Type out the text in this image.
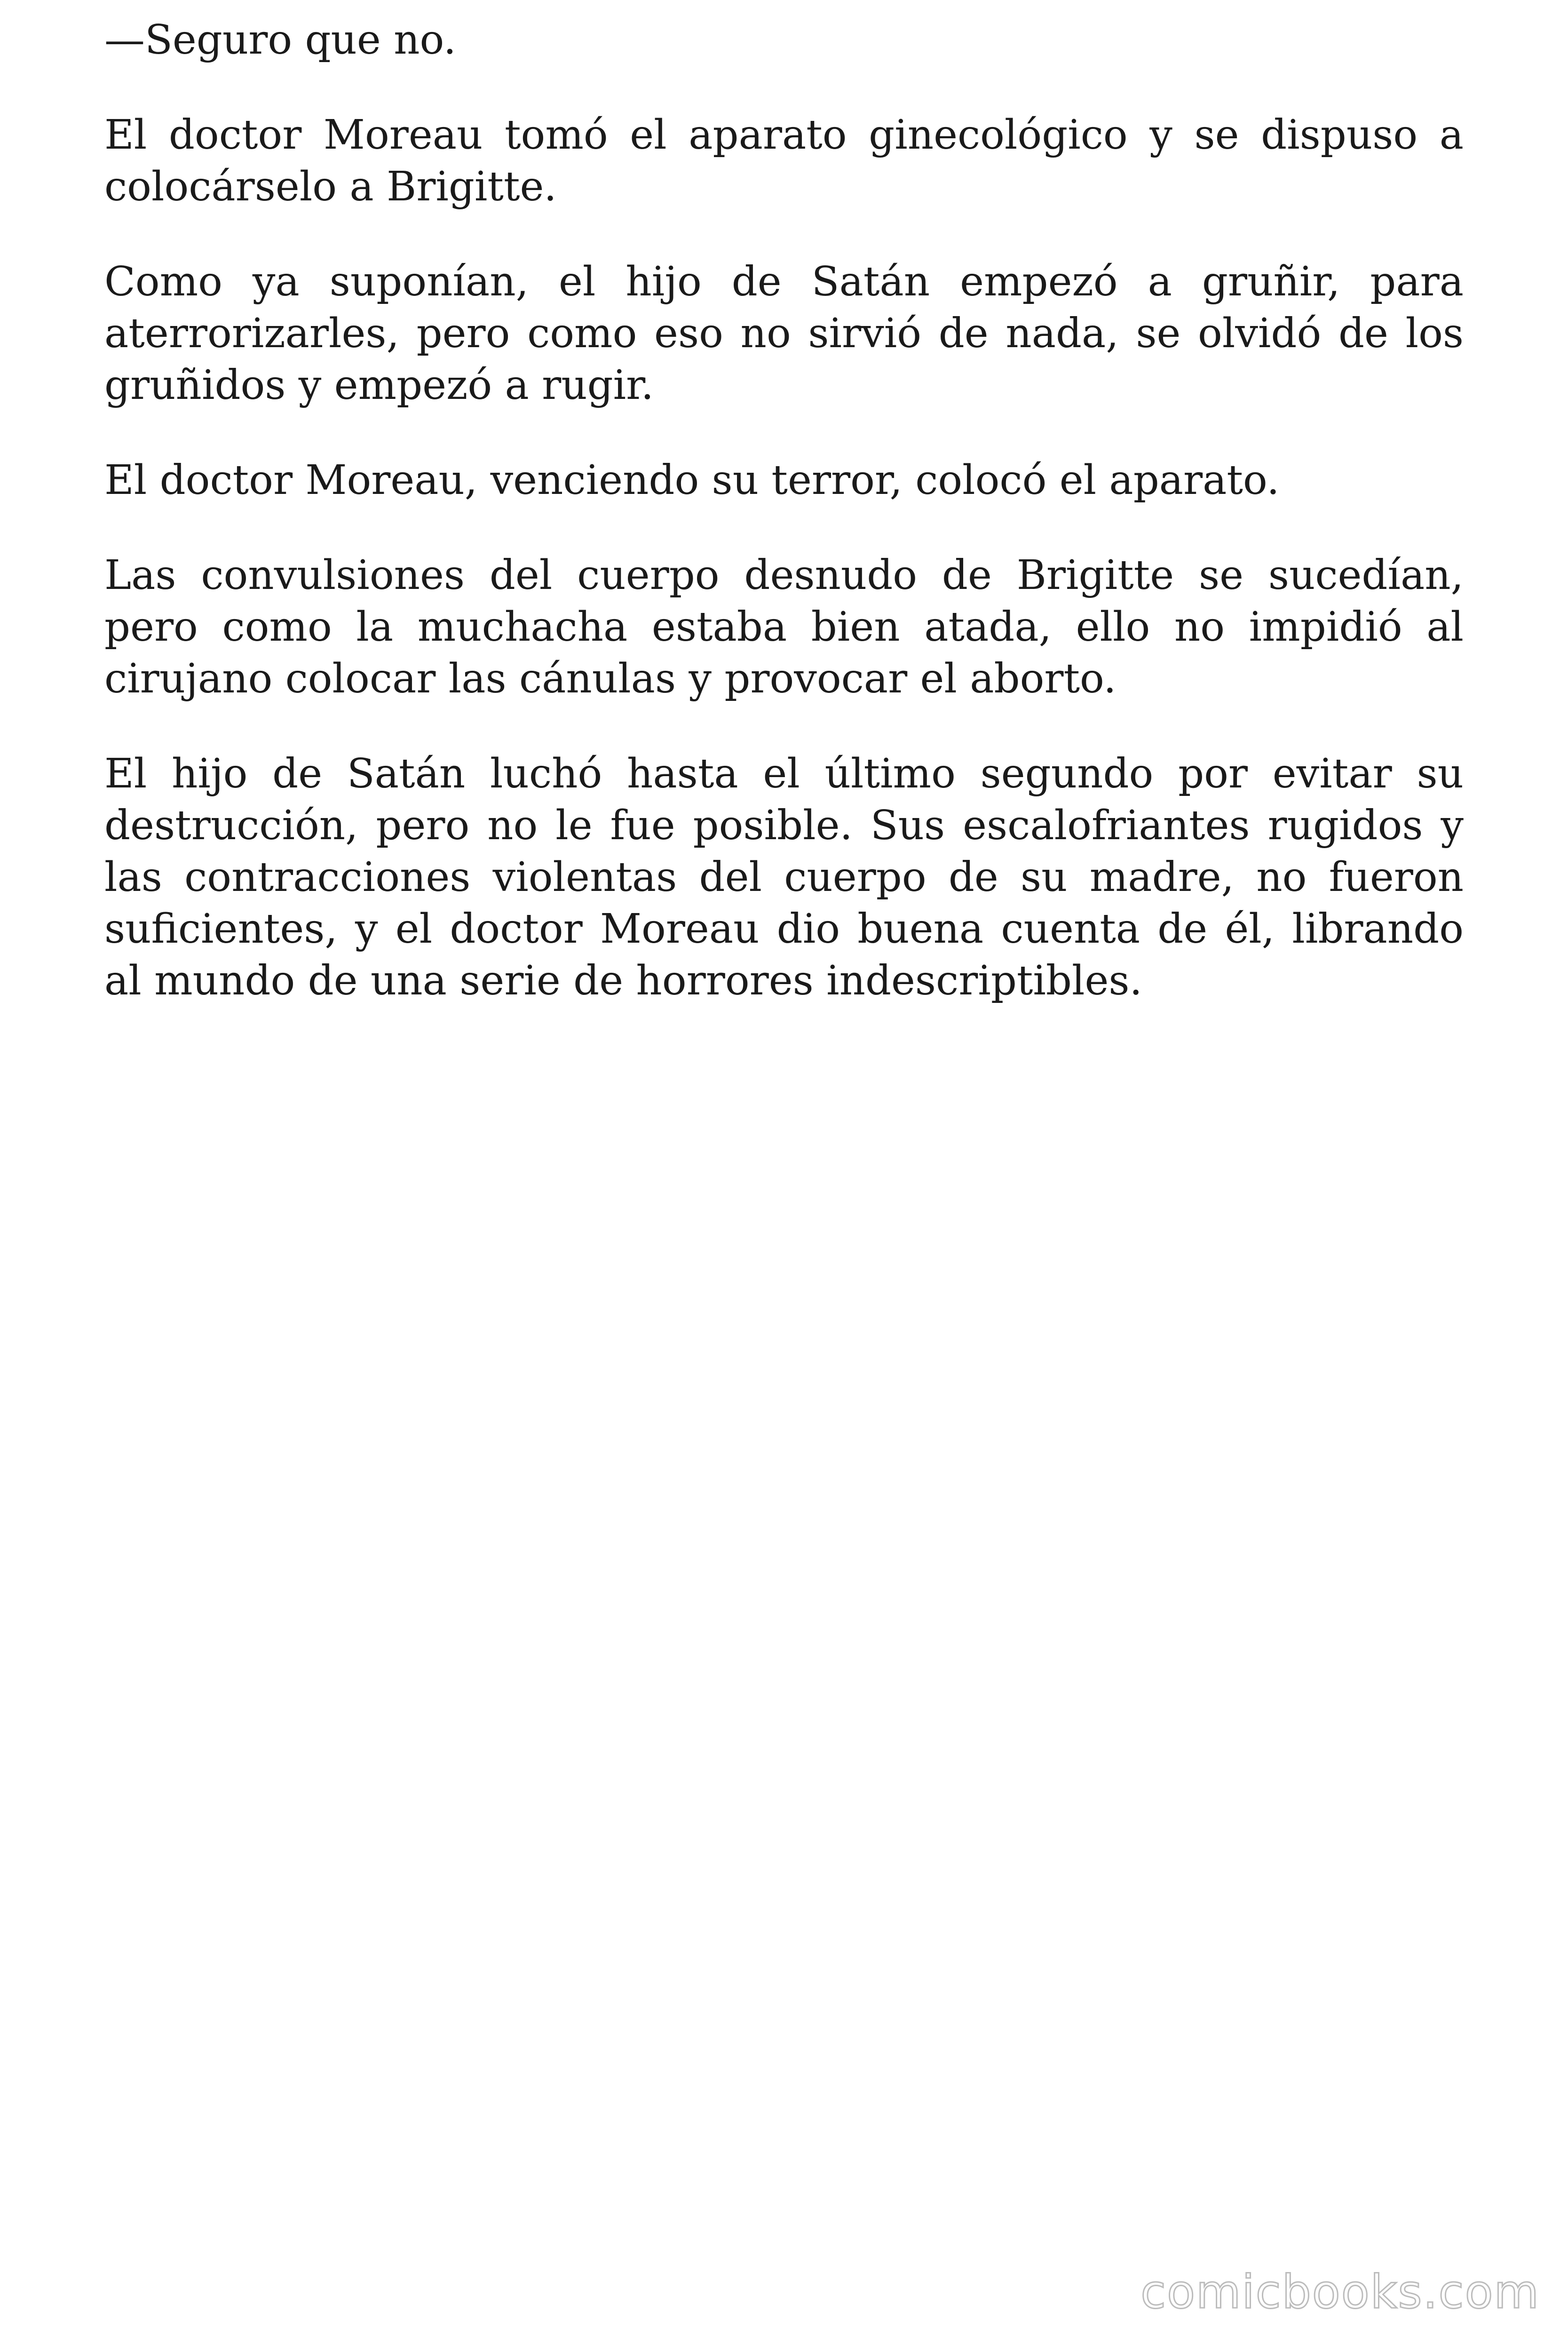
—Seguro que no.

El doctor Moreau tomó el aparato ginecológico y se dispuso a colocárselo a Brigitte.

Como ya suponían, el hijo de Satán empezó a gruñir, para aterrorizarles, pero como eso no sirvió de nada, se olvidó de los gruñidos y empezó a rugir.

El doctor Moreau, venciendo su terror, colocó el aparato.

Las convulsiones del cuerpo desnudo de Brigitte se sucedían, pero como la muchacha estaba bien atada, ello no impidió al cirujano colocar las cánulas y provocar el aborto.

El hijo de Satán luchó hasta el último segundo por evitar su destrucción, pero no le fue posible. Sus escalofriantes rugidos y las contracciones violentas del cuerpo de su madre, no fueron suficientes, y el doctor Moreau dio buena cuenta de él, librando al mundo de una serie de horrores indescriptibles.

comicbooks.com
